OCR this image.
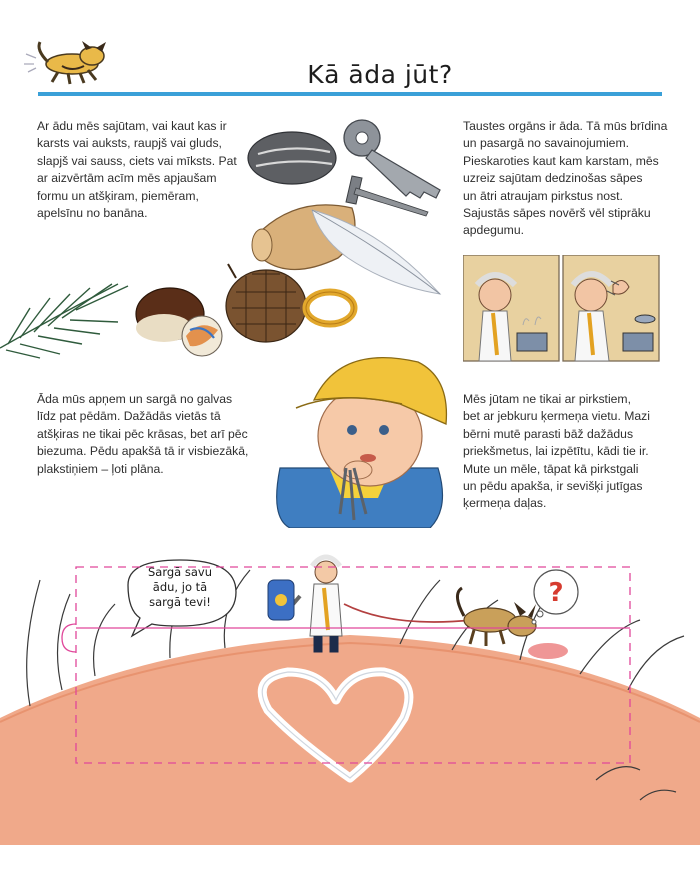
Kā āda jūt?
Ar ādu mēs sajūtam, vai kaut kas ir
karsts vai auksts, raupjš vai gluds,
slapjš vai sauss, ciets vai mīksts. Pat
ar aizvērtām acīm mēs apjaušam
formu un atšķiram, piemēram,
apelsīnu no banāna.
Taustes orgāns ir āda. Tā mūs brīdina
un pasargā no savainojumiem.
Pieskaroties kaut kam karstam, mēs
uzreiz sajūtam dedzinošas sāpes
un ātri atraujam pirkstus nost.
Sajustās sāpes novērš vēl stiprāku
apdegumu.
Āda mūs apņem un sargā no galvas
līdz pat pēdām. Dažādās vietās tā
atšķiras ne tikai pēc krāsas, bet arī pēc
biezuma. Pēdu apakšā tā ir visbiezākā,
plakstiņiem – ļoti plāna.
Mēs jūtam ne tikai ar pirkstiem,
bet ar jebkuru ķermeņa vietu. Mazi
bērni mutē parasti bāž dažādus
priekšmetus, lai izpētītu, kādi tie ir.
Mute un mēle, tāpat kā pirkstgali
un pēdu apakša, ir sevišķi jutīgas
ķermeņa daļas.
?
Sargā savu
ādu, jo tā
sargā tevi!
